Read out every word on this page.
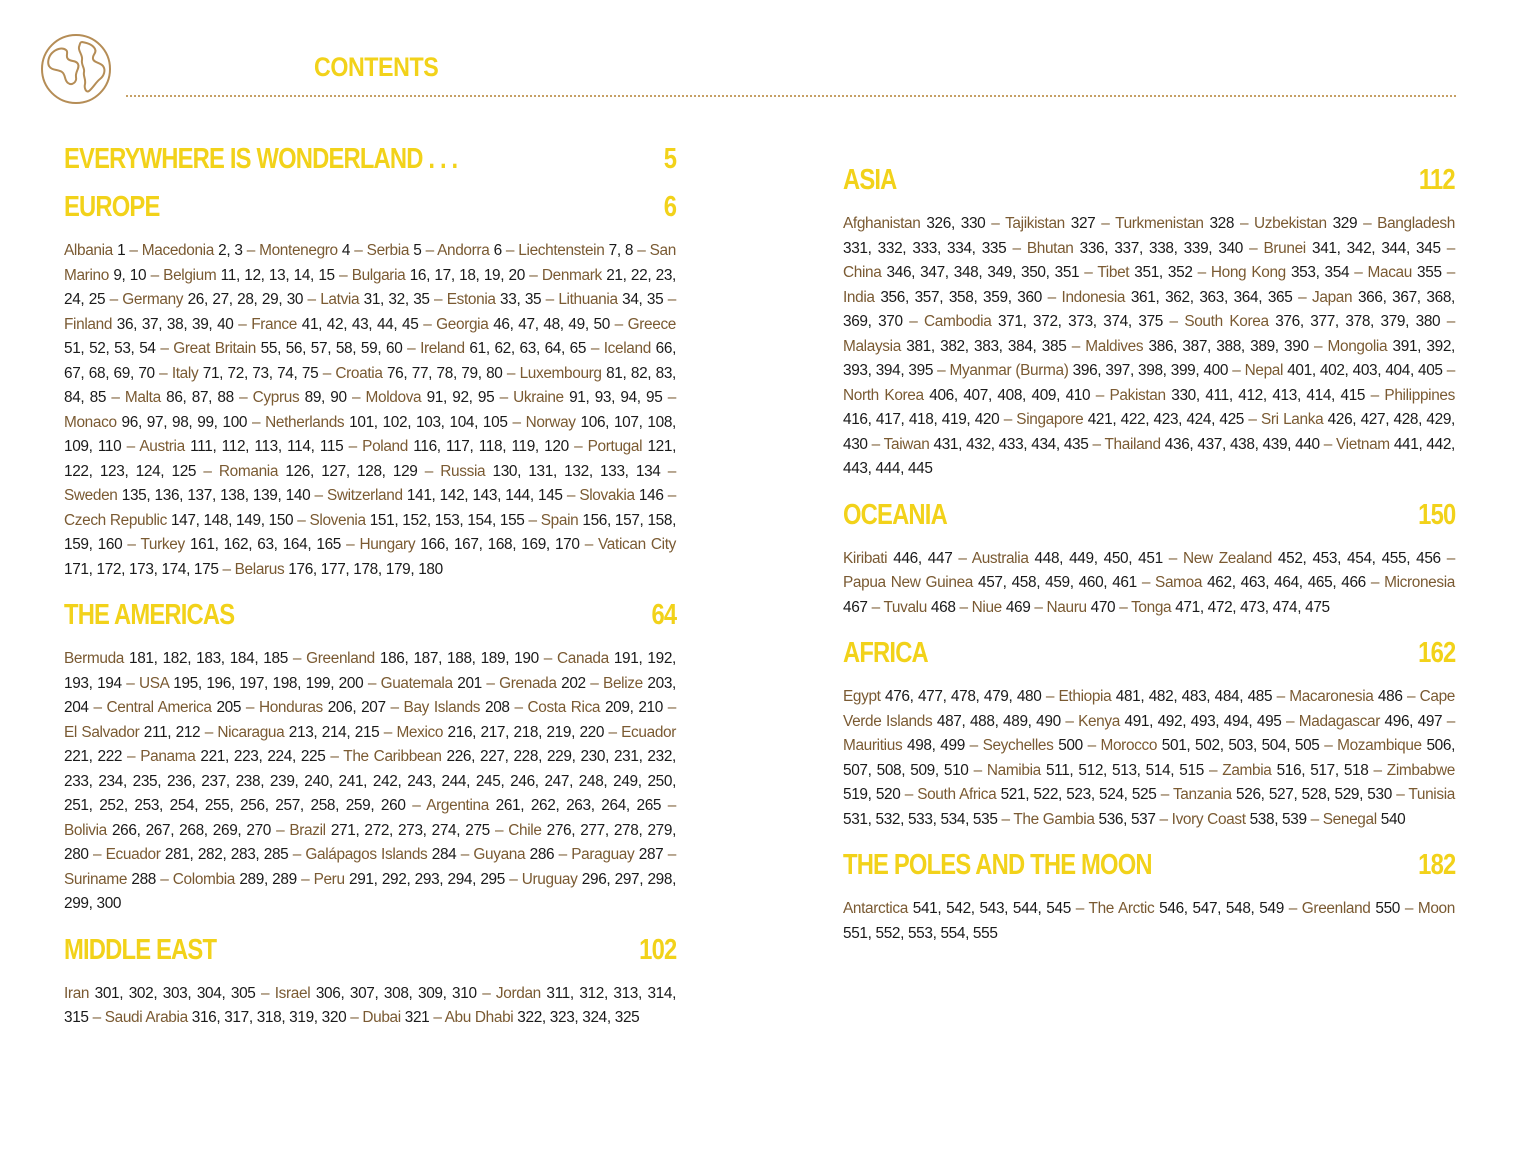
CONTENTS
EVERYWHERE IS WONDERLAND . . .	5
EUROPE	6
Albania 1 – Macedonia 2, 3 – Montenegro 4 – Serbia 5 – Andorra 6 – Liechtenstein 7, 8 – San Marino 9, 10 – Belgium 11, 12, 13, 14, 15 – Bulgaria 16, 17, 18, 19, 20 – Denmark 21, 22, 23, 24, 25 – Germany 26, 27, 28, 29, 30 – Latvia 31, 32, 35 – Estonia 33, 35 – Lithuania 34, 35 – Finland 36, 37, 38, 39, 40 – France 41, 42, 43, 44, 45 – Georgia 46, 47, 48, 49, 50 – Greece 51, 52, 53, 54 – Great Britain 55, 56, 57, 58, 59, 60 – Ireland 61, 62, 63, 64, 65 – Iceland 66, 67, 68, 69, 70 – Italy 71, 72, 73, 74, 75 – Croatia 76, 77, 78, 79, 80 – Luxembourg 81, 82, 83, 84, 85 – Malta 86, 87, 88 – Cyprus 89, 90 – Moldova 91, 92, 95 – Ukraine 91, 93, 94, 95 – Monaco 96, 97, 98, 99, 100 – Netherlands 101, 102, 103, 104, 105 – Norway 106, 107, 108, 109, 110 – Austria 111, 112, 113, 114, 115 – Poland 116, 117, 118, 119, 120 – Portugal 121, 122, 123, 124, 125 – Romania 126, 127, 128, 129 – Russia 130, 131, 132, 133, 134 – Sweden 135, 136, 137, 138, 139, 140 – Switzerland 141, 142, 143, 144, 145 – Slovakia 146 – Czech Republic 147, 148, 149, 150 – Slovenia 151, 152, 153, 154, 155 – Spain 156, 157, 158, 159, 160 – Turkey 161, 162, 63, 164, 165 – Hungary 166, 167, 168, 169, 170 – Vatican City 171, 172, 173, 174, 175 – Belarus 176, 177, 178, 179, 180
THE AMERICAS	64
Bermuda 181, 182, 183, 184, 185 – Greenland 186, 187, 188, 189, 190 – Canada 191, 192, 193, 194 – USA 195, 196, 197, 198, 199, 200 – Guatemala 201 – Grenada 202 – Belize 203, 204 – Central America 205 – Honduras 206, 207 – Bay Islands 208 – Costa Rica 209, 210 – El Salvador 211, 212 – Nicaragua 213, 214, 215 – Mexico 216, 217, 218, 219, 220 – Ecuador 221, 222 – Panama 221, 223, 224, 225 – The Caribbean 226, 227, 228, 229, 230, 231, 232, 233, 234, 235, 236, 237, 238, 239, 240, 241, 242, 243, 244, 245, 246, 247, 248, 249, 250, 251, 252, 253, 254, 255, 256, 257, 258, 259, 260 – Argentina 261, 262, 263, 264, 265 – Bolivia 266, 267, 268, 269, 270 – Brazil 271, 272, 273, 274, 275 – Chile 276, 277, 278, 279, 280 – Ecuador 281, 282, 283, 285 – Galápagos Islands 284 – Guyana 286 – Paraguay 287 – Suriname 288 – Colombia 289, 289 – Peru 291, 292, 293, 294, 295 – Uruguay 296, 297, 298, 299, 300
MIDDLE EAST	102
Iran 301, 302, 303, 304, 305 – Israel 306, 307, 308, 309, 310 – Jordan 311, 312, 313, 314, 315 – Saudi Arabia 316, 317, 318, 319, 320 – Dubai 321 – Abu Dhabi 322, 323, 324, 325
ASIA	112
Afghanistan 326, 330 – Tajikistan 327 – Turkmenistan 328 – Uzbekistan 329 – Bangladesh 331, 332, 333, 334, 335 – Bhutan 336, 337, 338, 339, 340 – Brunei 341, 342, 344, 345 – China 346, 347, 348, 349, 350, 351 – Tibet 351, 352 – Hong Kong 353, 354 – Macau 355 – India 356, 357, 358, 359, 360 – Indonesia 361, 362, 363, 364, 365 – Japan 366, 367, 368, 369, 370 – Cambodia 371, 372, 373, 374, 375 – South Korea 376, 377, 378, 379, 380 – Malaysia 381, 382, 383, 384, 385 – Maldives 386, 387, 388, 389, 390 – Mongolia 391, 392, 393, 394, 395 – Myanmar (Burma) 396, 397, 398, 399, 400 – Nepal 401, 402, 403, 404, 405 – North Korea 406, 407, 408, 409, 410 – Pakistan 330, 411, 412, 413, 414, 415 – Philippines 416, 417, 418, 419, 420 – Singapore 421, 422, 423, 424, 425 – Sri Lanka 426, 427, 428, 429, 430 – Taiwan 431, 432, 433, 434, 435 – Thailand 436, 437, 438, 439, 440 – Vietnam 441, 442, 443, 444, 445
OCEANIA	150
Kiribati 446, 447 – Australia 448, 449, 450, 451 – New Zealand 452, 453, 454, 455, 456 – Papua New Guinea 457, 458, 459, 460, 461 – Samoa 462, 463, 464, 465, 466 – Micronesia 467 – Tuvalu 468 – Niue 469 – Nauru 470 – Tonga 471, 472, 473, 474, 475
AFRICA	162
Egypt 476, 477, 478, 479, 480 – Ethiopia 481, 482, 483, 484, 485 – Macaronesia 486 – Cape Verde Islands 487, 488, 489, 490 – Kenya 491, 492, 493, 494, 495 – Madagascar 496, 497 – Mauritius 498, 499 – Seychelles 500 – Morocco 501, 502, 503, 504, 505 – Mozambique 506, 507, 508, 509, 510 – Namibia 511, 512, 513, 514, 515 – Zambia 516, 517, 518 – Zimbabwe 519, 520 – South Africa 521, 522, 523, 524, 525 – Tanzania 526, 527, 528, 529, 530 – Tunisia 531, 532, 533, 534, 535 – The Gambia 536, 537 – Ivory Coast 538, 539 – Senegal 540
THE POLES AND THE MOON	182
Antarctica 541, 542, 543, 544, 545 – The Arctic 546, 547, 548, 549 – Greenland 550 – Moon 551, 552, 553, 554, 555
